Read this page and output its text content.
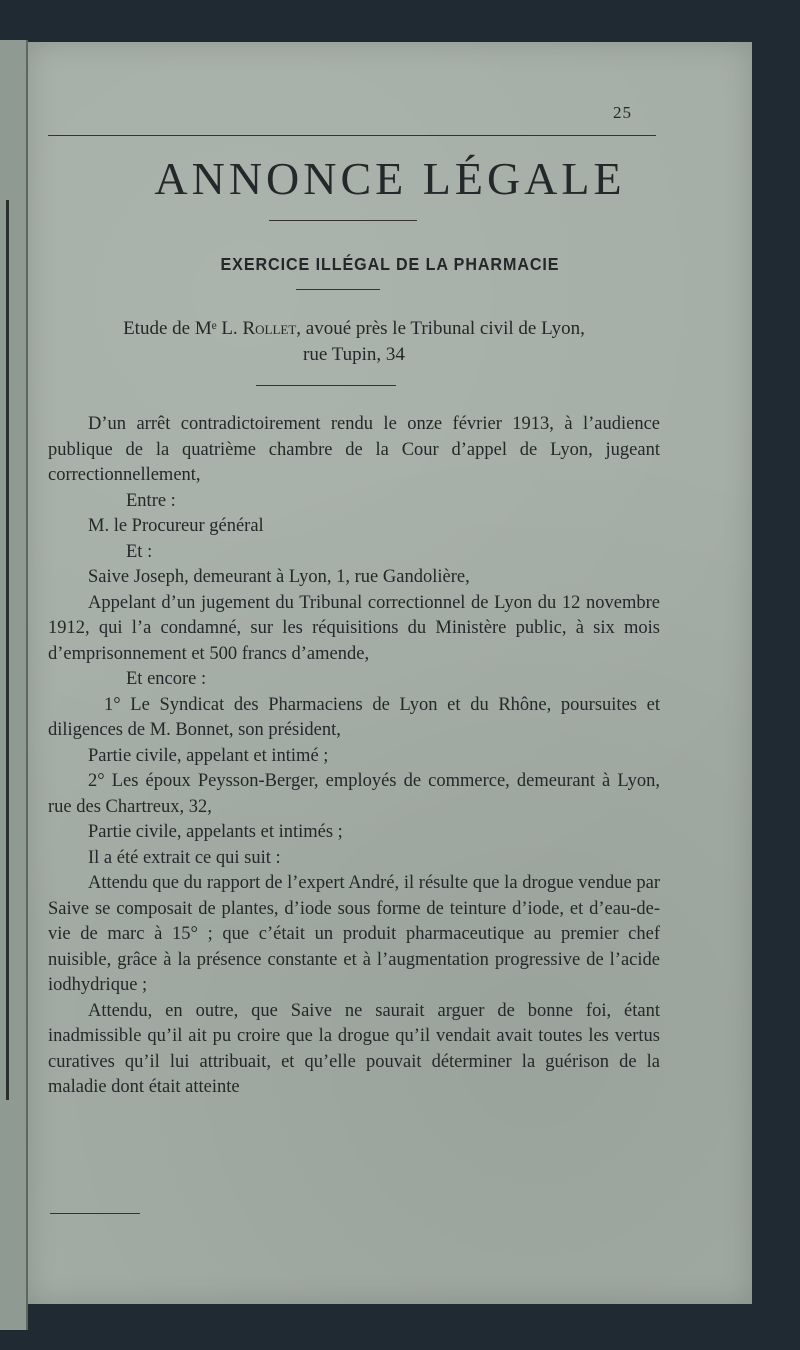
25
ANNONCE LÉGALE
EXERCICE ILLÉGAL DE LA PHARMACIE
Etude de Mᵉ L. Rollet, avoué près le Tribunal civil de Lyon,
rue Tupin, 34

D’un arrêt contradictoirement rendu le onze février 1913, à l’audience publique de la quatrième chambre de la Cour d’appel de Lyon, jugeant correctionnellement,

Entre :

M. le Procureur général

Et :

Saive Joseph, demeurant à Lyon, 1, rue Gandolière,

Appelant d’un jugement du Tribunal correctionnel de Lyon du 12 novembre 1912, qui l’a condamné, sur les réquisitions du Ministère public, à six mois d’emprisonnement et 500 francs d’amende,

Et encore :

1° Le Syndicat des Pharmaciens de Lyon et du Rhône, poursuites et diligences de M. Bonnet, son président,

Partie civile, appelant et intimé ;

2° Les époux Peysson-Berger, employés de commerce, demeurant à Lyon, rue des Chartreux, 32,

Partie civile, appelants et intimés ;

Il a été extrait ce qui suit :

Attendu que du rapport de l’expert André, il résulte que la drogue vendue par Saive se composait de plantes, d’iode sous forme de teinture d’iode, et d’eau-de-vie de marc à 15° ; que c’était un produit pharmaceutique au premier chef nuisible, grâce à la présence constante et à l’augmentation progressive de l’acide iodhydrique ;

Attendu, en outre, que Saive ne saurait arguer de bonne foi, étant inadmissible qu’il ait pu croire que la drogue qu’il vendait avait toutes les vertus curatives qu’il lui attribuait, et qu’elle pouvait déterminer la guérison de la maladie dont était atteinte
